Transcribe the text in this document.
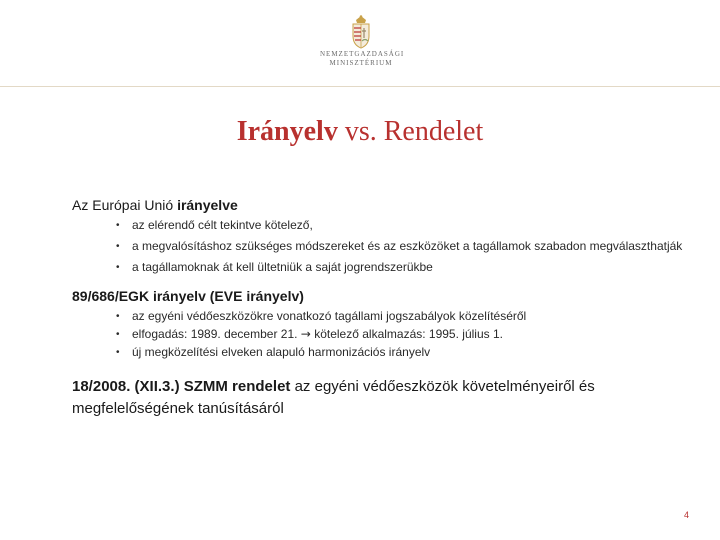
NEMZETGAZDASÁGI
MINISZTÉRIUM
Irányelv vs. Rendelet

Az Európai Unió irányelve

• az elérendő célt tekintve kötelező,
• a megvalósításhoz szükséges módszereket és az eszközöket a tagállamok szabadon megválaszthatják
• a tagállamoknak át kell ültetniük a saját jogrendszerükbe

89/686/EGK irányelv (EVE irányelv)

• az egyéni védőeszközökre vonatkozó tagállami jogszabályok közelítéséről
• elfogadás: 1989. december 21. → kötelező alkalmazás: 1995. július 1.
• új megközelítési elveken alapuló harmonizációs irányelv
18/2008. (XII.3.) SZMM rendelet az egyéni védőeszközök követelményeiről és megfelelőségének tanúsításáról
4
